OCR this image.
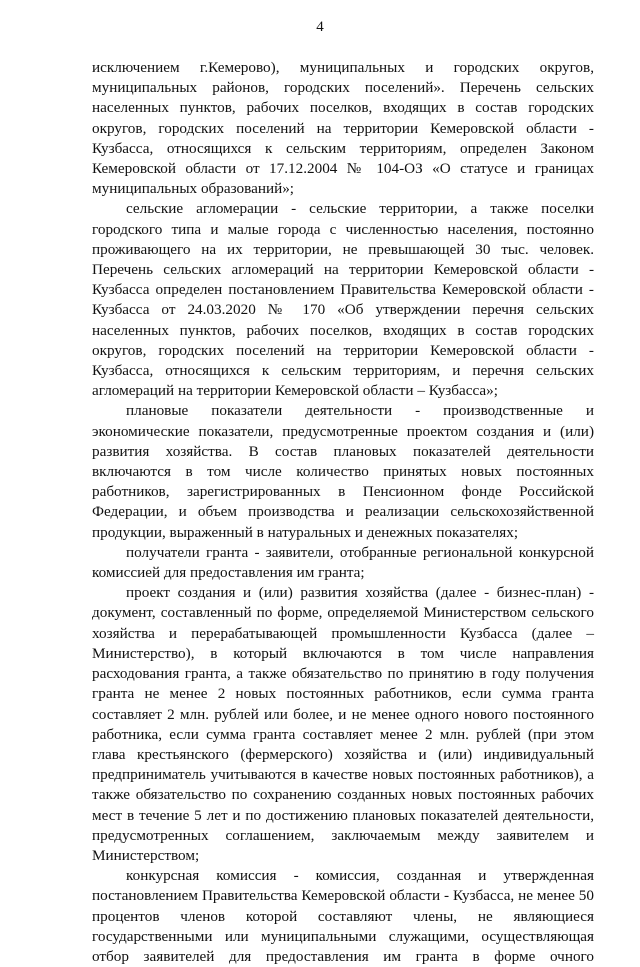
4

исключением г.Кемерово), муниципальных и городских округов, муниципальных районов, городских поселений». Перечень сельских населенных пунктов, рабочих поселков, входящих в состав городских округов, городских поселений на территории Кемеровской области - Кузбасса, относящихся к сельским территориям, определен Законом Кемеровской области от 17.12.2004 № 104-ОЗ «О статусе и границах муниципальных образований»;

сельские агломерации - сельские территории, а также поселки городского типа и малые города с численностью населения, постоянно проживающего на их территории, не превышающей 30 тыс. человек. Перечень сельских агломераций на территории Кемеровской области - Кузбасса определен постановлением Правительства Кемеровской области - Кузбасса от 24.03.2020 № 170 «Об утверждении перечня сельских населенных пунктов, рабочих поселков, входящих в состав городских округов, городских поселений на территории Кемеровской области - Кузбасса, относящихся к сельским территориям, и перечня сельских агломераций на территории Кемеровской области – Кузбасса»;

плановые показатели деятельности - производственные и экономические показатели, предусмотренные проектом создания и (или) развития хозяйства. В состав плановых показателей деятельности включаются в том числе количество принятых новых постоянных работников, зарегистрированных в Пенсионном фонде Российской Федерации, и объем производства и реализации сельскохозяйственной продукции, выраженный в натуральных и денежных показателях;

получатели гранта - заявители, отобранные региональной конкурсной комиссией для предоставления им гранта;

проект создания и (или) развития хозяйства (далее - бизнес-план) - документ, составленный по форме, определяемой Министерством сельского хозяйства и перерабатывающей промышленности Кузбасса (далее – Министерство), в который включаются в том числе направления расходования гранта, а также обязательство по принятию в году получения гранта не менее 2 новых постоянных работников, если сумма гранта составляет 2 млн. рублей или более, и не менее одного нового постоянного работника, если сумма гранта составляет менее 2 млн. рублей (при этом глава крестьянского (фермерского) хозяйства и (или) индивидуальный предприниматель учитываются в качестве новых постоянных работников), а также обязательство по сохранению созданных новых постоянных рабочих мест в течение 5 лет и по достижению плановых показателей деятельности, предусмотренных соглашением, заключаемым между заявителем и Министерством;

конкурсная комиссия - комиссия, созданная и утвержденная постановлением Правительства Кемеровской области - Кузбасса, не менее 50 процентов членов которой составляют члены, не являющиеся государственными или муниципальными служащими, осуществляющая отбор заявителей для предоставления им гранта в форме очного
